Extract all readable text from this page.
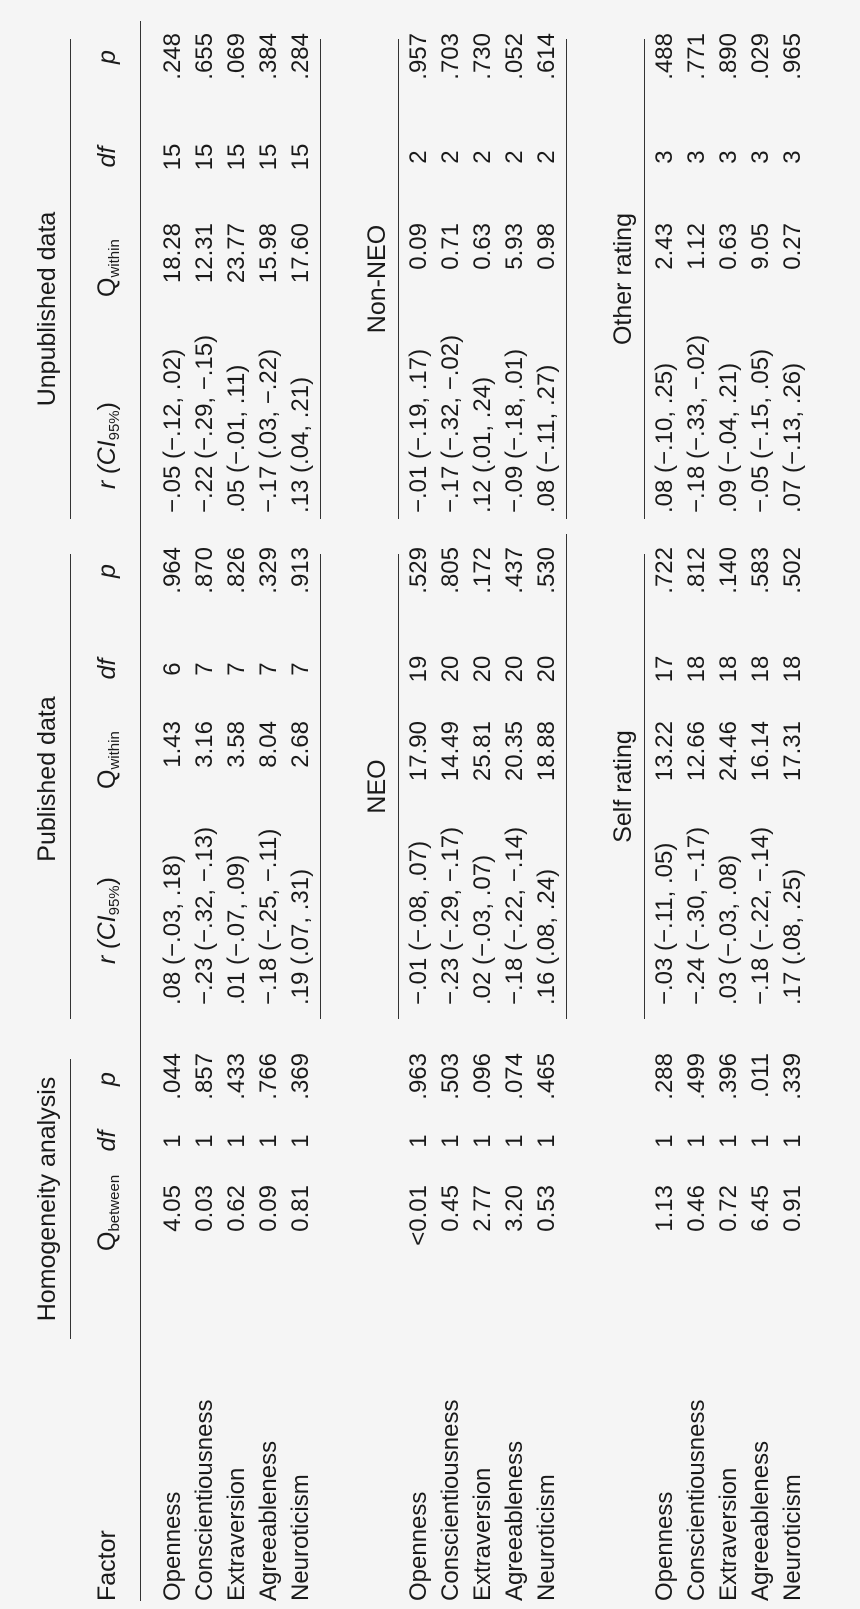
Homogeneity analysis
Published data
Unpublished data
Factor
$Q_{between}$
df
p
r $(CI_{95\%})$
$Q_{within}$
df
p
r $(CI_{95\%})$
$Q_{within}$
df
p
Openness
4.05
1
.044
.08 (−.03, .18)
1.43
6
.964
−.05 (−.12, .02)
18.28
15
.248
Conscientiousness
0.03
1
.857
−.23 (−.32, −.13)
3.16
7
.870
−.22 (−.29, −.15)
12.31
15
.655
Extraversion
0.62
1
.433
.01 (−.07, .09)
3.58
7
.826
.05 (−.01, .11)
23.77
15
.069
Agreeableness
0.09
1
.766
−.18 (−.25, −.11)
8.04
7
.329
−.17 (.03, −.22)
15.98
15
.384
Neuroticism
0.81
1
.369
.19 (.07, .31)
2.68
7
.913
.13 (.04, .21)
17.60
15
.284
NEO
Non-NEO
Openness
<0.01
1
.963
−.01 (−.08, .07)
17.90
19
.529
−.01 (−.19, .17)
0.09
2
.957
Conscientiousness
0.45
1
.503
−.23 (−.29, −.17)
14.49
20
.805
−.17 (−.32, −.02)
0.71
2
.703
Extraversion
2.77
1
.096
.02 (−.03, .07)
25.81
20
.172
.12 (.01, .24)
0.63
2
.730
Agreeableness
3.20
1
.074
−.18 (−.22, −.14)
20.35
20
.437
−.09 (−.18, .01)
5.93
2
.052
Neuroticism
0.53
1
.465
.16 (.08, .24)
18.88
20
.530
.08 (−.11, .27)
0.98
2
.614
Self rating
Other rating
Openness
1.13
1
.288
−.03 (−.11, .05)
13.22
17
.722
.08 (−.10, .25)
2.43
3
.488
Conscientiousness
0.46
1
.499
−.24 (−.30, −.17)
12.66
18
.812
−.18 (−.33, −.02)
1.12
3
.771
Extraversion
0.72
1
.396
.03 (−.03, .08)
24.46
18
.140
.09 (−.04, .21)
0.63
3
.890
Agreeableness
6.45
1
.011
−.18 (−.22, −.14)
16.14
18
.583
−.05 (−.15, .05)
9.05
3
.029
Neuroticism
0.91
1
.339
.17 (.08, .25)
17.31
18
.502
.07 (−.13, .26)
0.27
3
.965
